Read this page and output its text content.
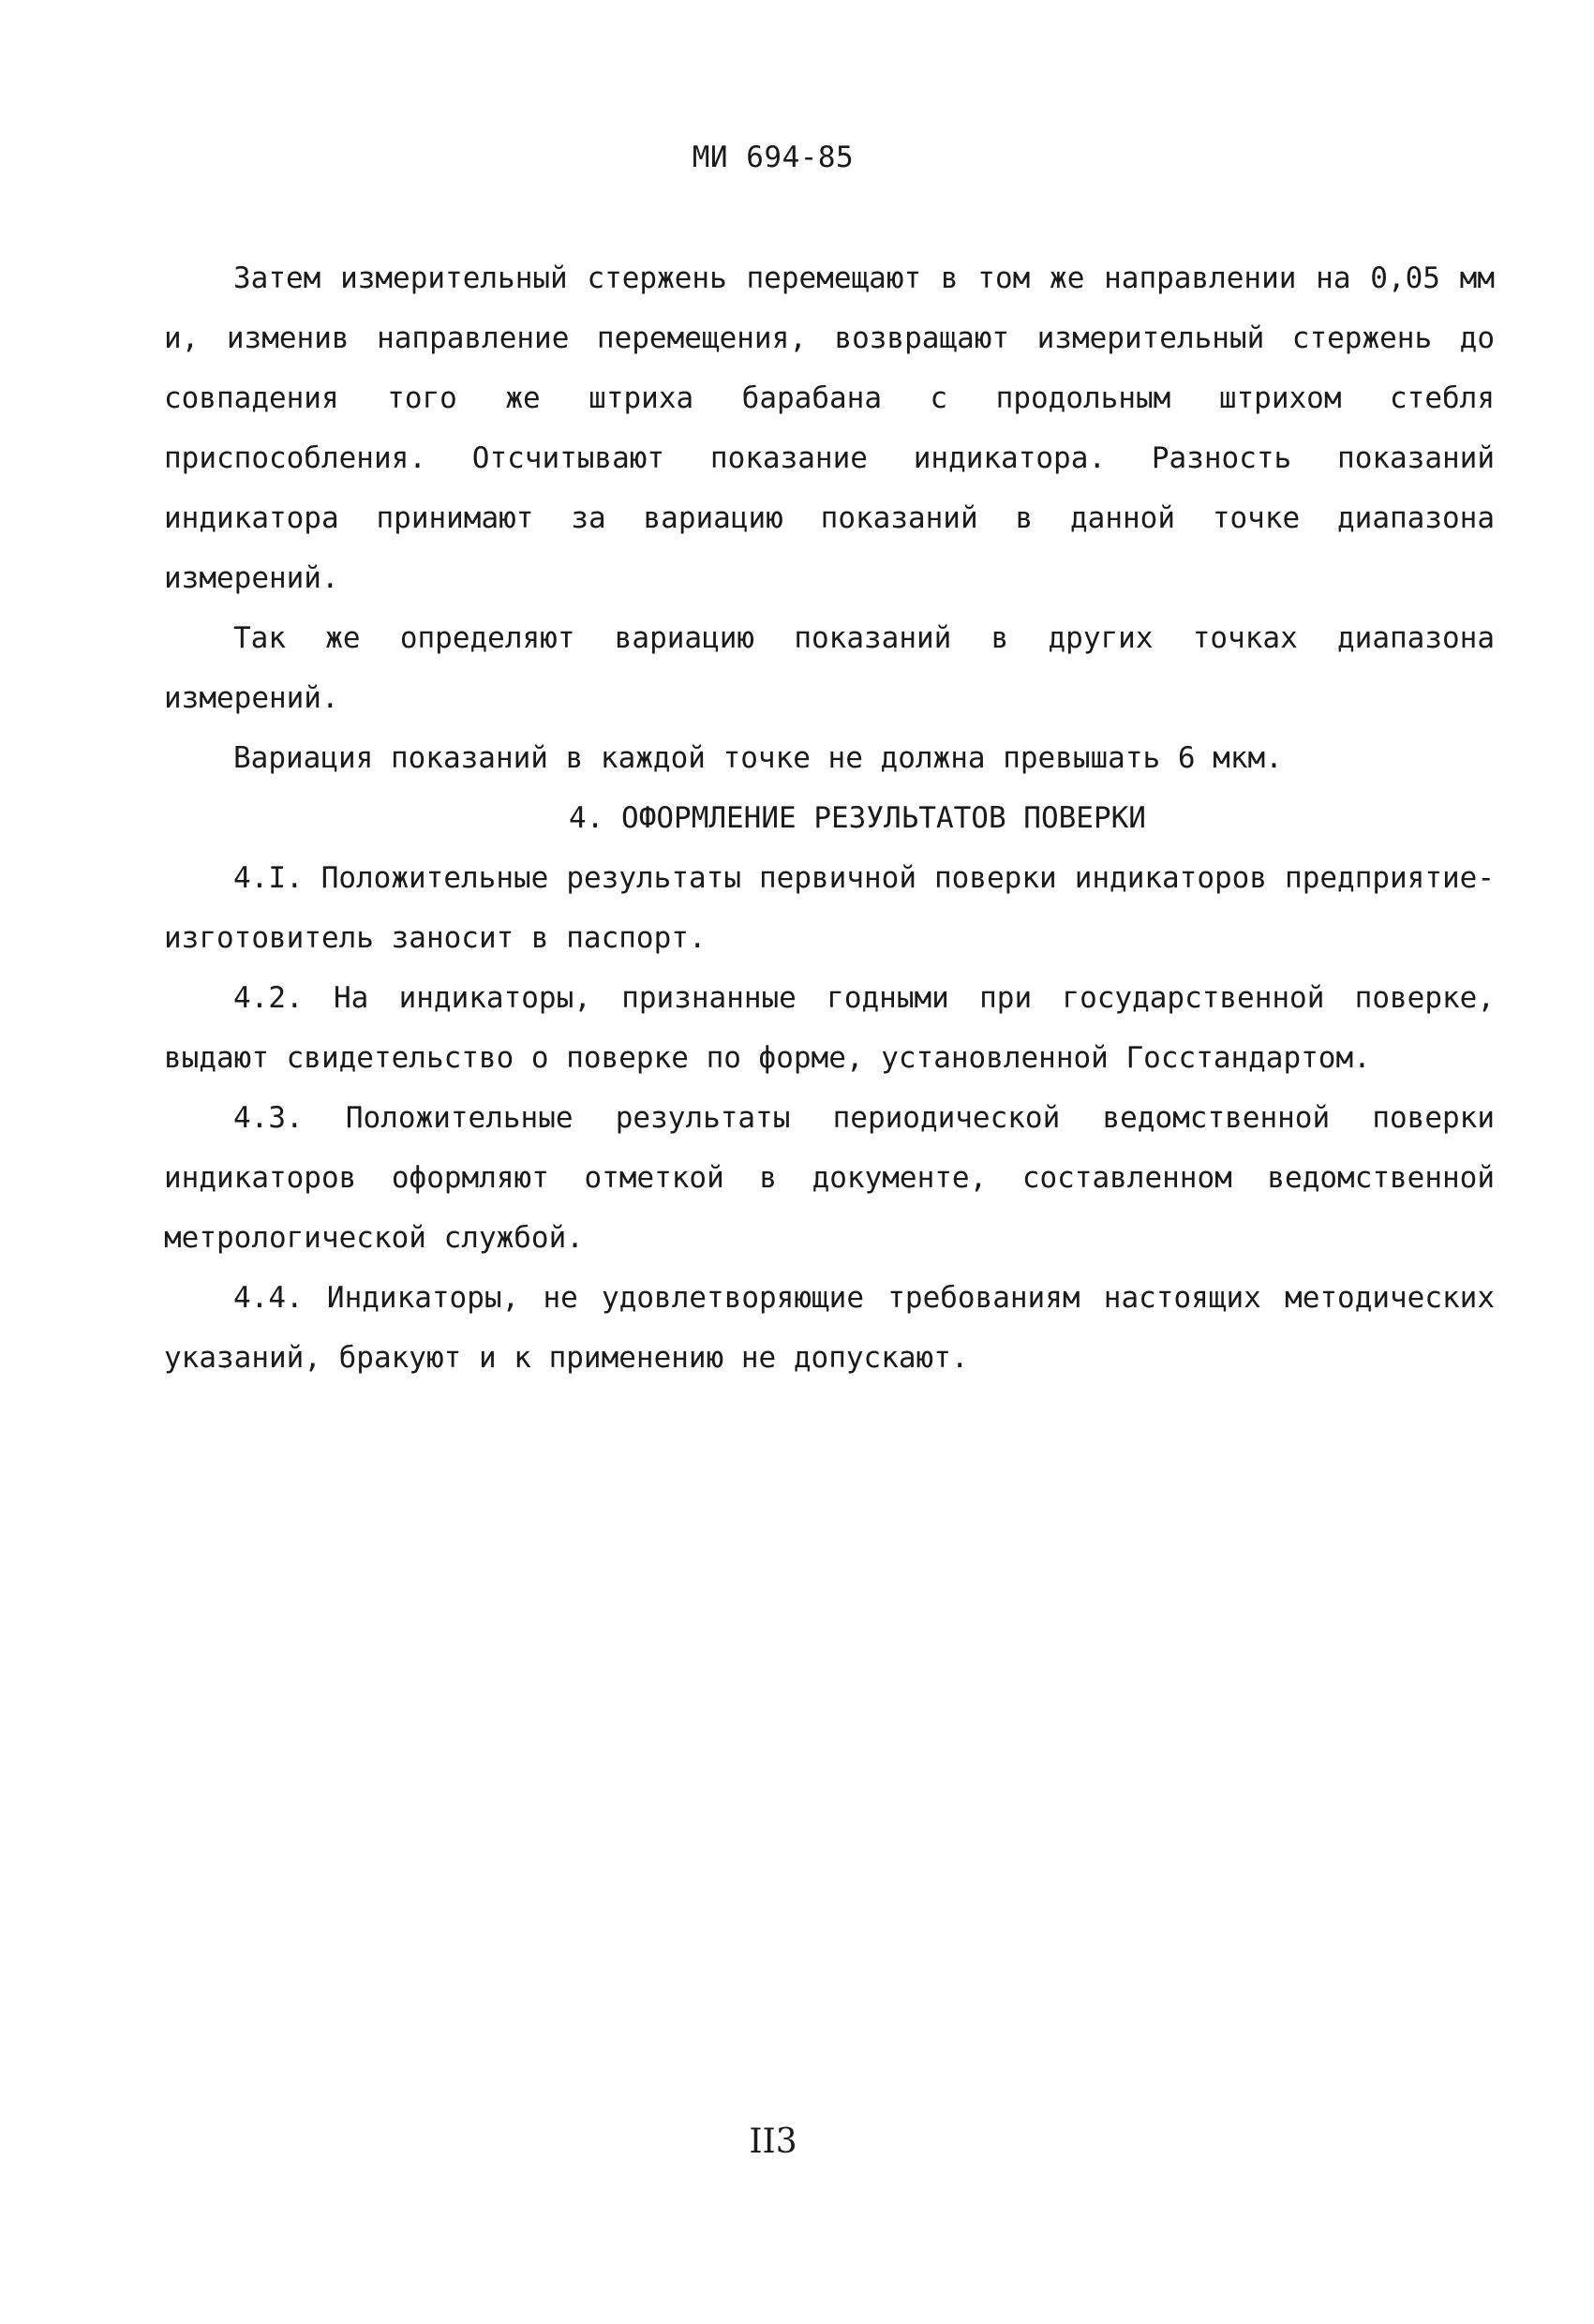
МИ 694-85

Затем измерительный стержень перемещают в том же направлении на 0,05 мм и, изменив направление перемещения, возвращают измерительный стержень до совпадения того же штриха барабана с продольным штрихом стебля приспособления. Отсчитывают показание индикатора. Разность показаний индикатора принимают за вариацию показаний в данной точке диапазона измерений.

Так же определяют вариацию показаний в других точках диапазона измерений.

Вариация показаний в каждой точке не должна превышать 6 мкм.

4. ОФОРМЛЕНИЕ РЕЗУЛЬТАТОВ ПОВЕРКИ

4.I. Положительные результаты первичной поверки индикаторов предприятие-изготовитель заносит в паспорт.

4.2. На индикаторы, признанные годными при государственной поверке, выдают свидетельство о поверке по форме, установленной Госстандартом.

4.3. Положительные результаты периодической ведомственной поверки индикаторов оформляют отметкой в документе, составленном ведомственной метрологической службой.

4.4. Индикаторы, не удовлетворяющие требованиям настоящих методических указаний, бракуют и к применению не допускают.

II3
